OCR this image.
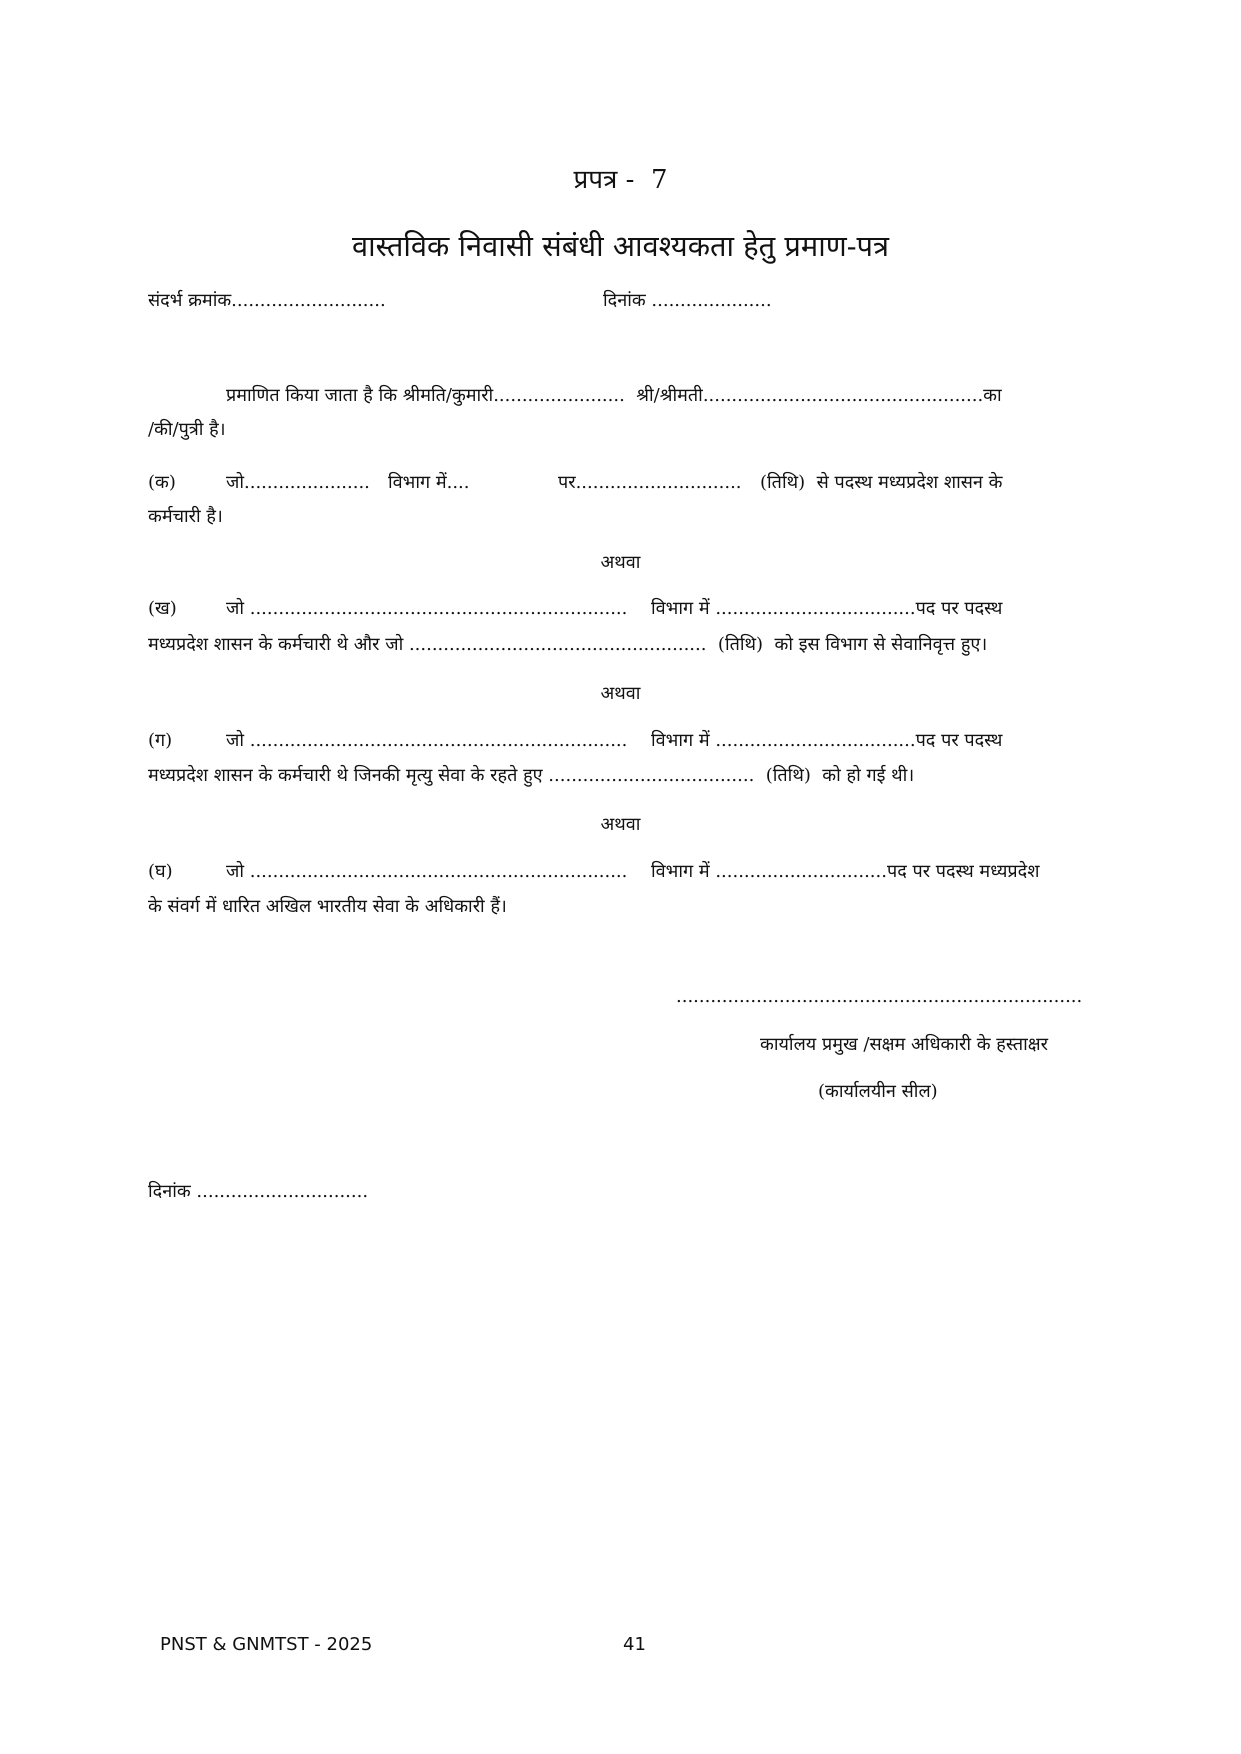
प्रपत्र -  7
वास्तविक निवासी संबंधी आवश्यकता हेतु प्रमाण-पत्र
संदर्भ क्रमांक...........................	दिनांक .....................
प्रमाणित किया जाता है कि श्रीमति/कुमारी.......................  श्री/श्रीमती.................................................का
/की/पुत्री है।
(क)	जो...................... विभाग में....	पर............................. (तिथि)  से पदस्थ मध्यप्रदेश शासन के
कर्मचारी है।
अथवा
(ख)	जो .................................................................. विभाग में ...................................पद पर पदस्थ
मध्यप्रदेश शासन के कर्मचारी थे और जो ....................................................  (तिथि)  को इस विभाग से सेवानिवृत्त हुए।
अथवा
(ग)	जो .................................................................. विभाग में ...................................पद पर पदस्थ
मध्यप्रदेश शासन के कर्मचारी थे जिनकी मृत्यु सेवा के रहते हुए ....................................  (तिथि)  को हो गई थी।
अथवा
(घ)	जो .................................................................. विभाग में ..............................पद पर पदस्थ मध्यप्रदेश
के संवर्ग में धारित अखिल भारतीय सेवा के अधिकारी हैं।
.......................................................................
कार्यालय प्रमुख /सक्षम अधिकारी के हस्ताक्षर
(कार्यालयीन सील)
दिनांक ..............................
PNST & GNMTST - 2025	41
